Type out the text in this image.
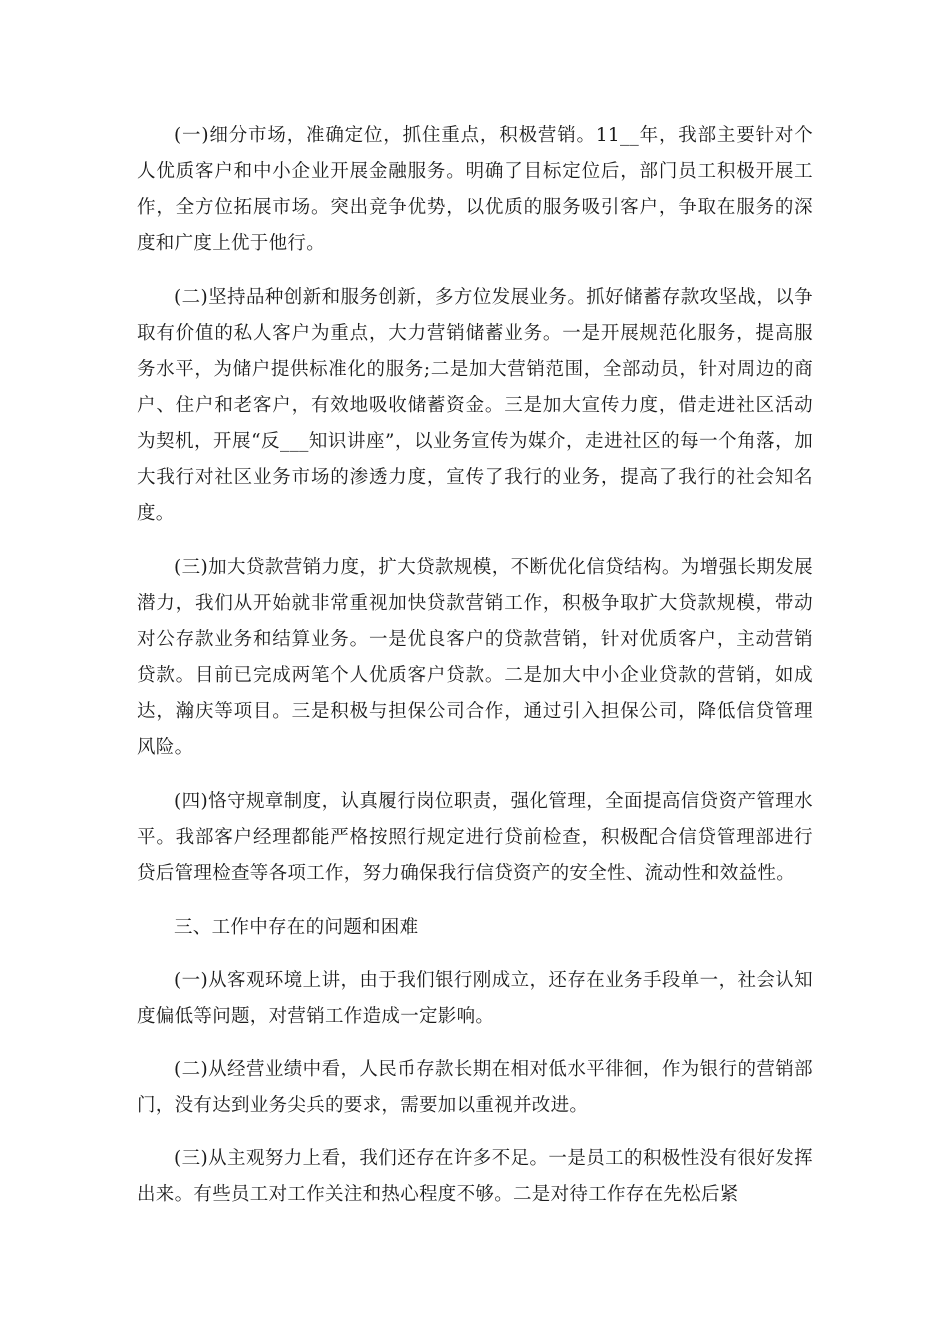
(一)细分市场，准确定位，抓住重点，积极营销。11__年，我部主要针对个人优质客户和中小企业开展金融服务。明确了目标定位后，部门员工积极开展工作，全方位拓展市场。突出竞争优势，以优质的服务吸引客户，争取在服务的深度和广度上优于他行。

(二)坚持品种创新和服务创新，多方位发展业务。抓好储蓄存款攻坚战，以争取有价值的私人客户为重点，大力营销储蓄业务。一是开展规范化服务，提高服务水平，为储户提供标准化的服务;二是加大营销范围，全部动员，针对周边的商户、住户和老客户，有效地吸收储蓄资金。三是加大宣传力度，借走进社区活动为契机，开展“反___知识讲座”，以业务宣传为媒介，走进社区的每一个角落，加大我行对社区业务市场的渗透力度，宣传了我行的业务，提高了我行的社会知名度。

(三)加大贷款营销力度，扩大贷款规模，不断优化信贷结构。为增强长期发展潜力，我们从开始就非常重视加快贷款营销工作，积极争取扩大贷款规模，带动对公存款业务和结算业务。一是优良客户的贷款营销，针对优质客户，主动营销贷款。目前已完成两笔个人优质客户贷款。二是加大中小企业贷款的营销，如成达，瀚庆等项目。三是积极与担保公司合作，通过引入担保公司，降低信贷管理风险。

(四)恪守规章制度，认真履行岗位职责，强化管理，全面提高信贷资产管理水平。我部客户经理都能严格按照行规定进行贷前检查，积极配合信贷管理部进行贷后管理检查等各项工作，努力确保我行信贷资产的安全性、流动性和效益性。

三、工作中存在的问题和困难

(一)从客观环境上讲，由于我们银行刚成立，还存在业务手段单一，社会认知度偏低等问题，对营销工作造成一定影响。

(二)从经营业绩中看，人民币存款长期在相对低水平徘徊，作为银行的营销部门，没有达到业务尖兵的要求，需要加以重视并改进。

(三)从主观努力上看，我们还存在许多不足。一是员工的积极性没有很好发挥出来。有些员工对工作关注和热心程度不够。二是对待工作存在先松后紧
